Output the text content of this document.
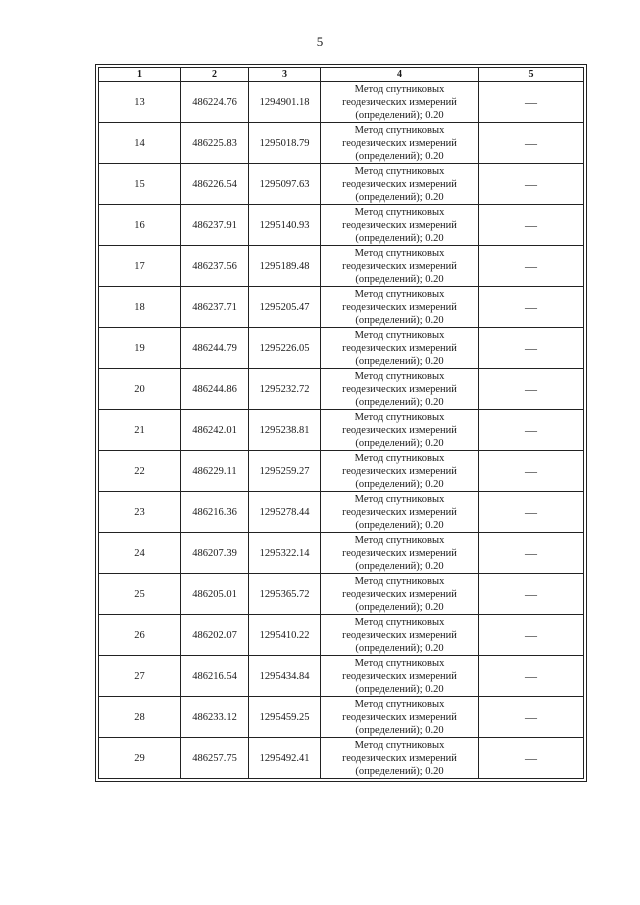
5
1	2	3	4	5
13	486224.76	1294901.18	Метод спутниковых геодезических измерений (определений); 0.20	—
14	486225.83	1295018.79	Метод спутниковых геодезических измерений (определений); 0.20	—
15	486226.54	1295097.63	Метод спутниковых геодезических измерений (определений); 0.20	—
16	486237.91	1295140.93	Метод спутниковых геодезических измерений (определений); 0.20	—
17	486237.56	1295189.48	Метод спутниковых геодезических измерений (определений); 0.20	—
18	486237.71	1295205.47	Метод спутниковых геодезических измерений (определений); 0.20	—
19	486244.79	1295226.05	Метод спутниковых геодезических измерений (определений); 0.20	—
20	486244.86	1295232.72	Метод спутниковых геодезических измерений (определений); 0.20	—
21	486242.01	1295238.81	Метод спутниковых геодезических измерений (определений); 0.20	—
22	486229.11	1295259.27	Метод спутниковых геодезических измерений (определений); 0.20	—
23	486216.36	1295278.44	Метод спутниковых геодезических измерений (определений); 0.20	—
24	486207.39	1295322.14	Метод спутниковых геодезических измерений (определений); 0.20	—
25	486205.01	1295365.72	Метод спутниковых геодезических измерений (определений); 0.20	—
26	486202.07	1295410.22	Метод спутниковых геодезических измерений (определений); 0.20	—
27	486216.54	1295434.84	Метод спутниковых геодезических измерений (определений); 0.20	—
28	486233.12	1295459.25	Метод спутниковых геодезических измерений (определений); 0.20	—
29	486257.75	1295492.41	Метод спутниковых геодезических измерений (определений); 0.20	—
